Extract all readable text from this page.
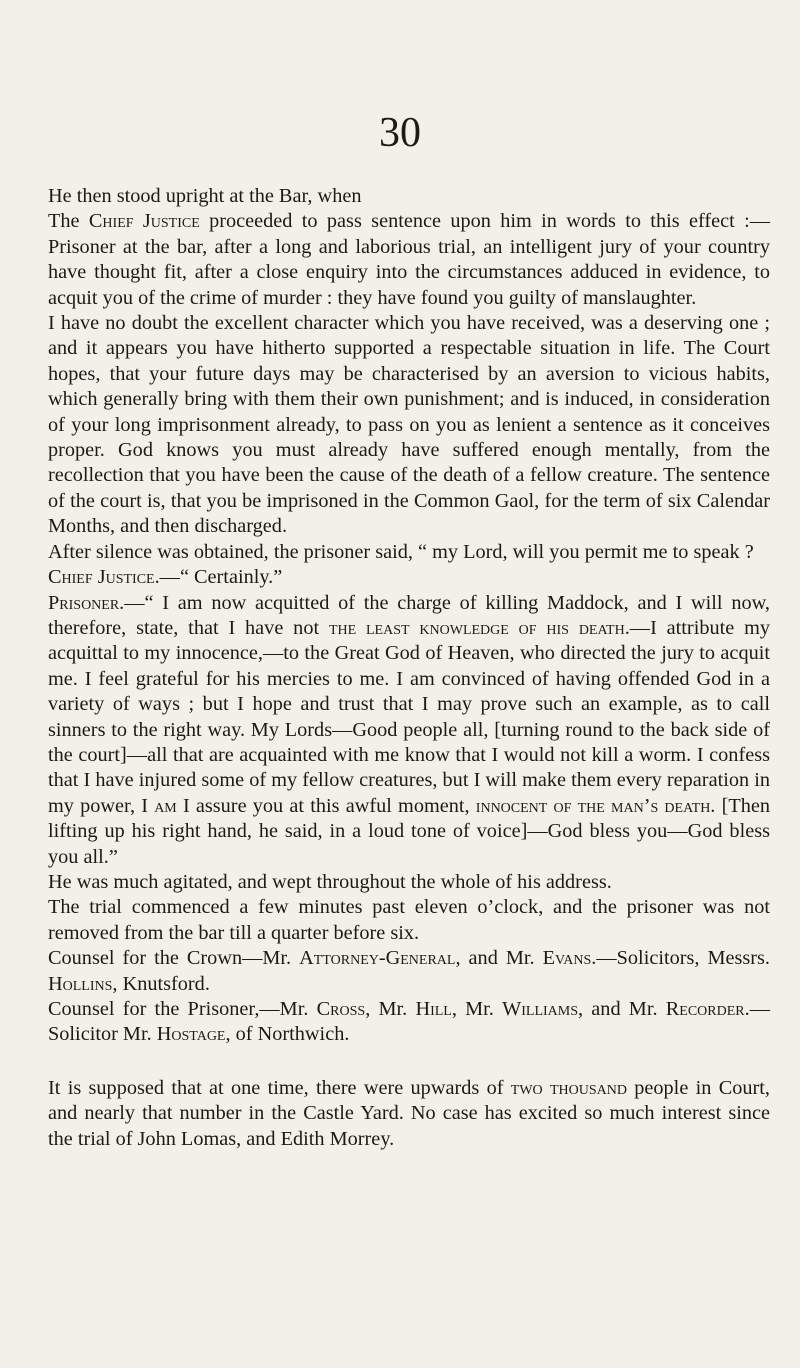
30

He then stood upright at the Bar, when

The Chief Justice proceeded to pass sentence upon him in words to this effect :—Prisoner at the bar, after a long and laborious trial, an intelligent jury of your country have thought fit, after a close enquiry into the circumstances adduced in evidence, to acquit you of the crime of murder : they have found you guilty of manslaughter.

I have no doubt the excellent character which you have received, was a deserving one ; and it appears you have hitherto supported a respectable situation in life. The Court hopes, that your future days may be characterised by an aversion to vicious habits, which generally bring with them their own punishment; and is induced, in consideration of your long imprisonment already, to pass on you as lenient a sentence as it conceives proper. God knows you must already have suffered enough mentally, from the recollection that you have been the cause of the death of a fellow creature. The sentence of the court is, that you be imprisoned in the Common Gaol, for the term of six Calendar Months, and then discharged.

After silence was obtained, the prisoner said, “ my Lord, will you permit me to speak ?

Chief Justice.—“ Certainly.”

Prisoner.—“ I am now acquitted of the charge of killing Maddock, and I will now, therefore, state, that I have not the least knowledge of his death.—I attribute my acquittal to my innocence,—to the Great God of Heaven, who directed the jury to acquit me. I feel grateful for his mercies to me. I am convinced of having offended God in a variety of ways ; but I hope and trust that I may prove such an example, as to call sinners to the right way. My Lords—Good people all, [turning round to the back side of the court]—all that are acquainted with me know that I would not kill a worm. I confess that I have injured some of my fellow creatures, but I will make them every reparation in my power, I am I assure you at this awful moment, innocent of the man’s death. [Then lifting up his right hand, he said, in a loud tone of voice]—God bless you—God bless you all.”

He was much agitated, and wept throughout the whole of his address.

The trial commenced a few minutes past eleven o’clock, and the prisoner was not removed from the bar till a quarter before six.

Counsel for the Crown—Mr. Attorney-General, and Mr. Evans.—Solicitors, Messrs. Hollins, Knutsford.

Counsel for the Prisoner,—Mr. Cross, Mr. Hill, Mr. Williams, and Mr. Recorder.—Solicitor Mr. Hostage, of Northwich.

It is supposed that at one time, there were upwards of two thousand people in Court, and nearly that number in the Castle Yard. No case has excited so much interest since the trial of John Lomas, and Edith Morrey.
